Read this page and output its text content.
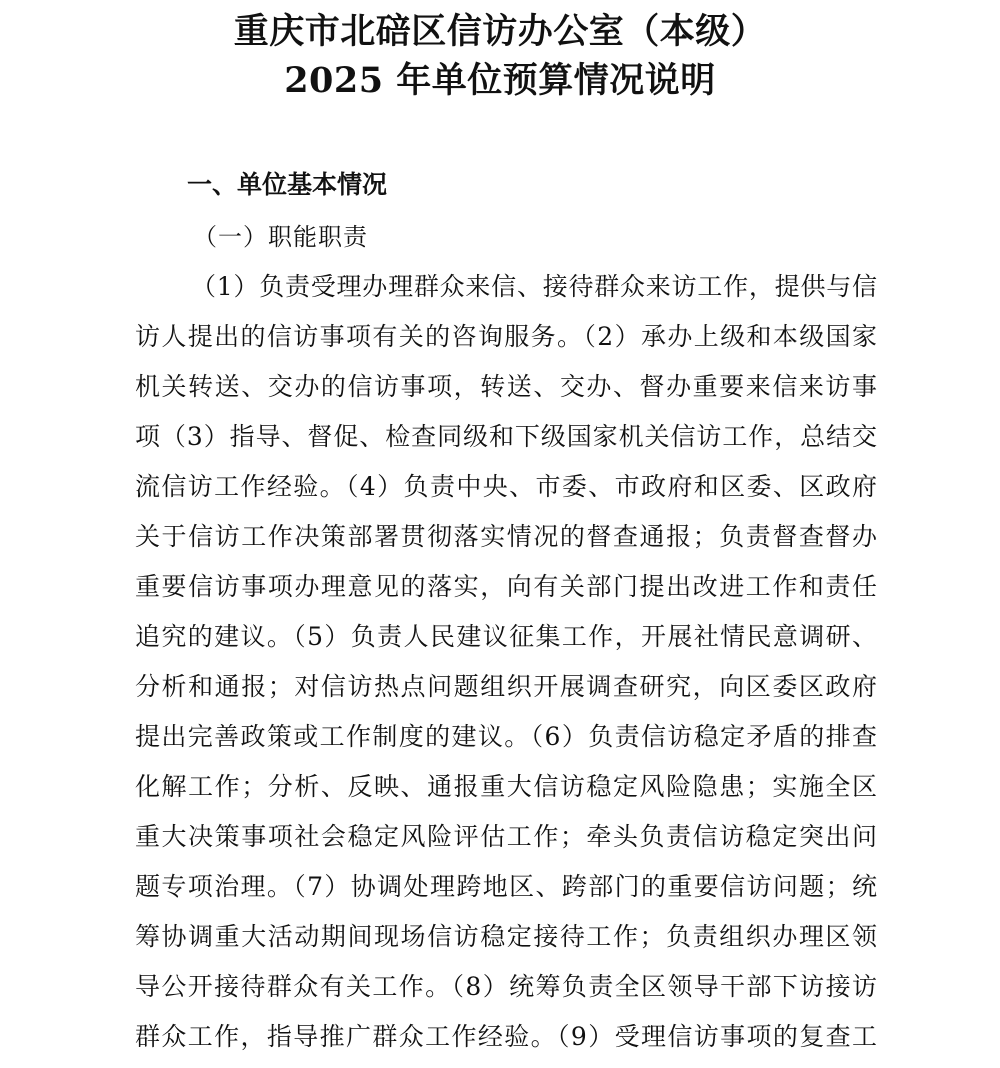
重庆市北碚区信访办公室（本级）
2025 年单位预算情况说明
一、单位基本情况
（一）职能职责
（1）负责受理办理群众来信、接待群众来访工作，提供与信
访人提出的信访事项有关的咨询服务。（2）承办上级和本级国家
机关转送、交办的信访事项，转送、交办、督办重要来信来访事
项（3）指导、督促、检查同级和下级国家机关信访工作，总结交
流信访工作经验。（4）负责中央、市委、市政府和区委、区政府
关于信访工作决策部署贯彻落实情况的督查通报；负责督查督办
重要信访事项办理意见的落实，向有关部门提出改进工作和责任
追究的建议。（5）负责人民建议征集工作，开展社情民意调研、
分析和通报；对信访热点问题组织开展调查研究，向区委区政府
提出完善政策或工作制度的建议。（6）负责信访稳定矛盾的排查
化解工作；分析、反映、通报重大信访稳定风险隐患；实施全区
重大决策事项社会稳定风险评估工作；牵头负责信访稳定突出问
题专项治理。（7）协调处理跨地区、跨部门的重要信访问题；统
筹协调重大活动期间现场信访稳定接待工作；负责组织办理区领
导公开接待群众有关工作。（8）统筹负责全区领导干部下访接访
群众工作，指导推广群众工作经验。（9）受理信访事项的复查工
